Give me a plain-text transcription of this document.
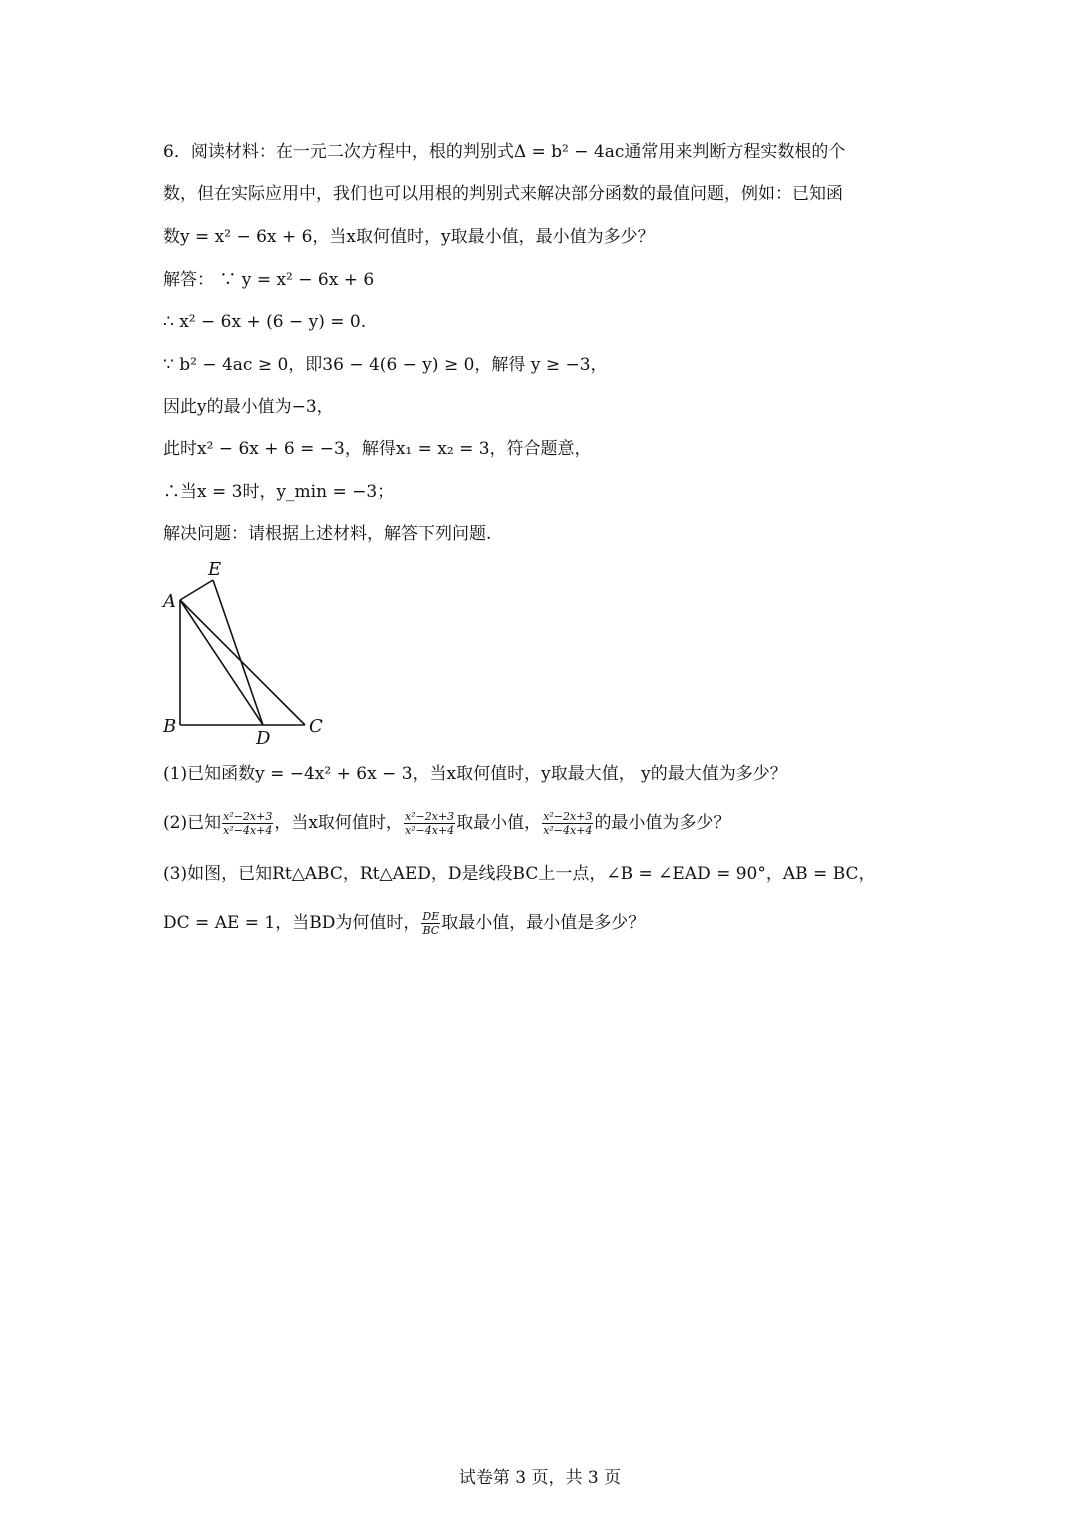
6．阅读材料：在一元二次方程中，根的判别式Δ = b² − 4ac通常用来判断方程实数根的个
数，但在实际应用中，我们也可以用根的判别式来解决部分函数的最值问题，例如：已知函
数y = x² − 6x + 6，当x取何值时，y取最小值，最小值为多少？
解答： ∵ y = x² − 6x + 6
∴ x² − 6x + (6 − y) = 0.
∵ b² − 4ac ≥ 0，即36 − 4(6 − y) ≥ 0，解得 y ≥ −3，
因此y的最小值为−3，
此时x² − 6x + 6 = −3，解得x₁ = x₂ = 3，符合题意，
∴当x = 3时，y_min = −3；
解决问题：请根据上述材料，解答下列问题.
A
B	C
D
E
(1)已知函数y = −4x² + 6x − 3，当x取何值时，y取最大值， y的最大值为多少？
(2)已知 $\frac{\text{x²−2x+3}}{\text{x²−4x+4}}$ ，当x取何值时， $\frac{\text{x²−2x+3}}{\text{x²−4x+4}}$ 取最小值， $\frac{\text{x²−2x+3}}{\text{x²−4x+4}}$ 的最小值为多少？
(3)如图，已知Rt△ABC，Rt△AED，D是线段BC上一点，∠B = ∠EAD = 90°，AB = BC，
DC = AE = 1，当BD为何值时， $\frac{DE}{BC}$ 取最小值，最小值是多少？
试卷第 3 页，共 3 页
